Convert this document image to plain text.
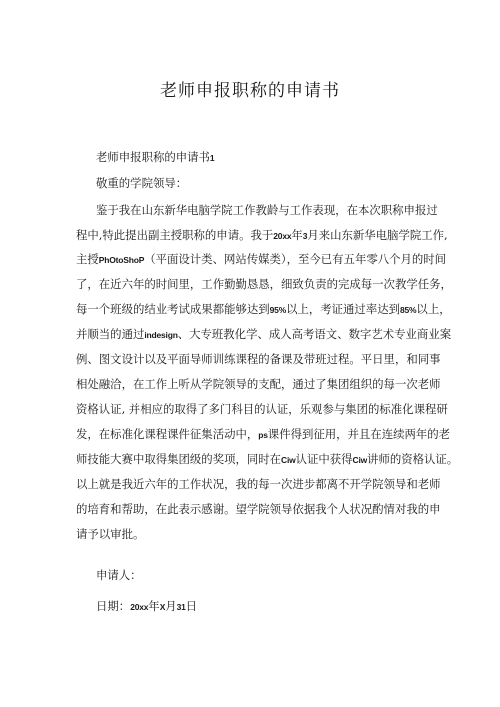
老师申报职称的申请书

老师申报职称的申请书1

敬重的学院领导：

鉴于我在山东新华电脑学院工作教龄与工作表现，在本次职称申报过

程中,特此提出副主授职称的申请。我于20xx年3月来山东新华电脑学院工作,

主授PhOtoShoP（平面设计类、网站传媒类），至今已有五年零八个月的时间

了，在近六年的时间里，工作勤勤恳恳，细致负责的完成每一次教学任务，

每一个班级的结业考试成果都能够达到95%以上，考证通过率达到85%以上，

并顺当的通过indesign、大专班教化学、成人高考语文、数字艺术专业商业案

例、图文设计以及平面导师训练课程的备课及带班过程。平日里，和同事

相处融洽，在工作上听从学院领导的支配，通过了集团组织的每一次老师

资格认证, 并相应的取得了多门科目的认证，乐观参与集团的标准化课程研

发，在标准化课程课件征集活动中，ps课件得到征用，并且在连续两年的老

师技能大赛中取得集团级的奖项，同时在Ciw认证中获得Ciw讲师的资格认证。

以上就是我近六年的工作状况，我的每一次进步都离不开学院领导和老师

的培育和帮助，在此表示感谢。望学院领导依据我个人状况酌情对我的申

请予以审批。

申请人：

日期：20xx年X月31日
